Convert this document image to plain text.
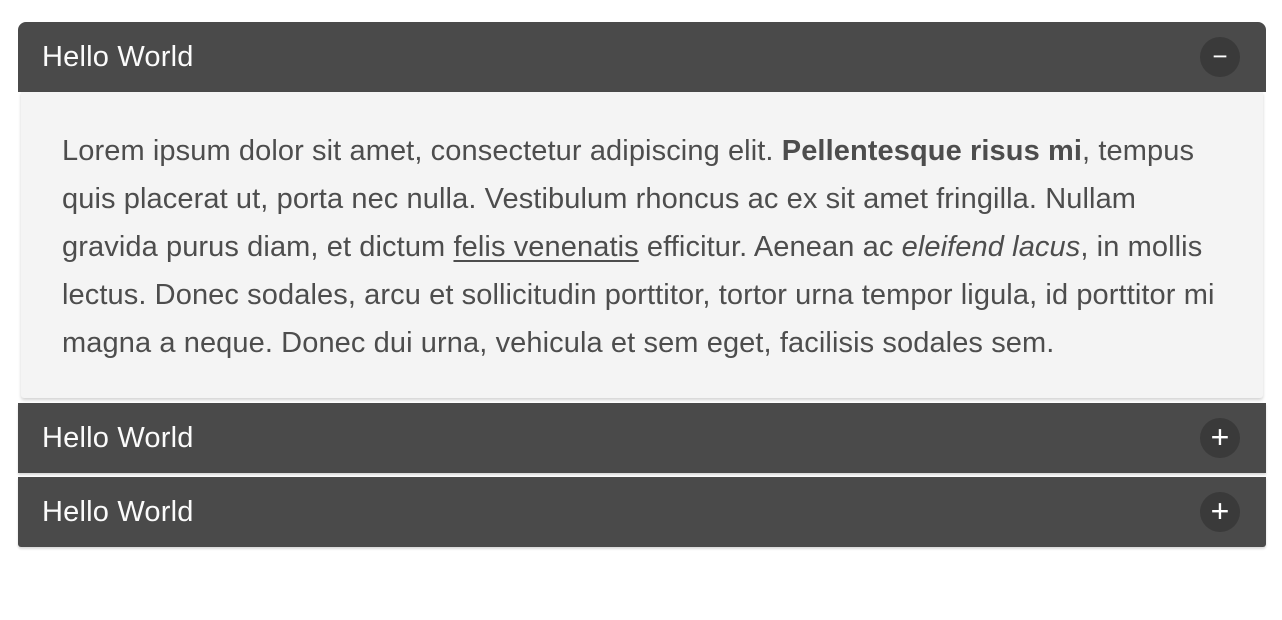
Hello World	−

Lorem ipsum dolor sit amet, consectetur adipiscing elit. Pellentesque risus mi, tempus quis placerat ut, porta nec nulla. Vestibulum rhoncus ac ex sit amet fringilla. Nullam gravida purus diam, et dictum felis venenatis efficitur. Aenean ac eleifend lacus, in mollis lectus. Donec sodales, arcu et sollicitudin porttitor, tortor urna tempor ligula, id porttitor mi magna a neque. Donec dui urna, vehicula et sem eget, facilisis sodales sem.

Hello World	+
Hello World	+
